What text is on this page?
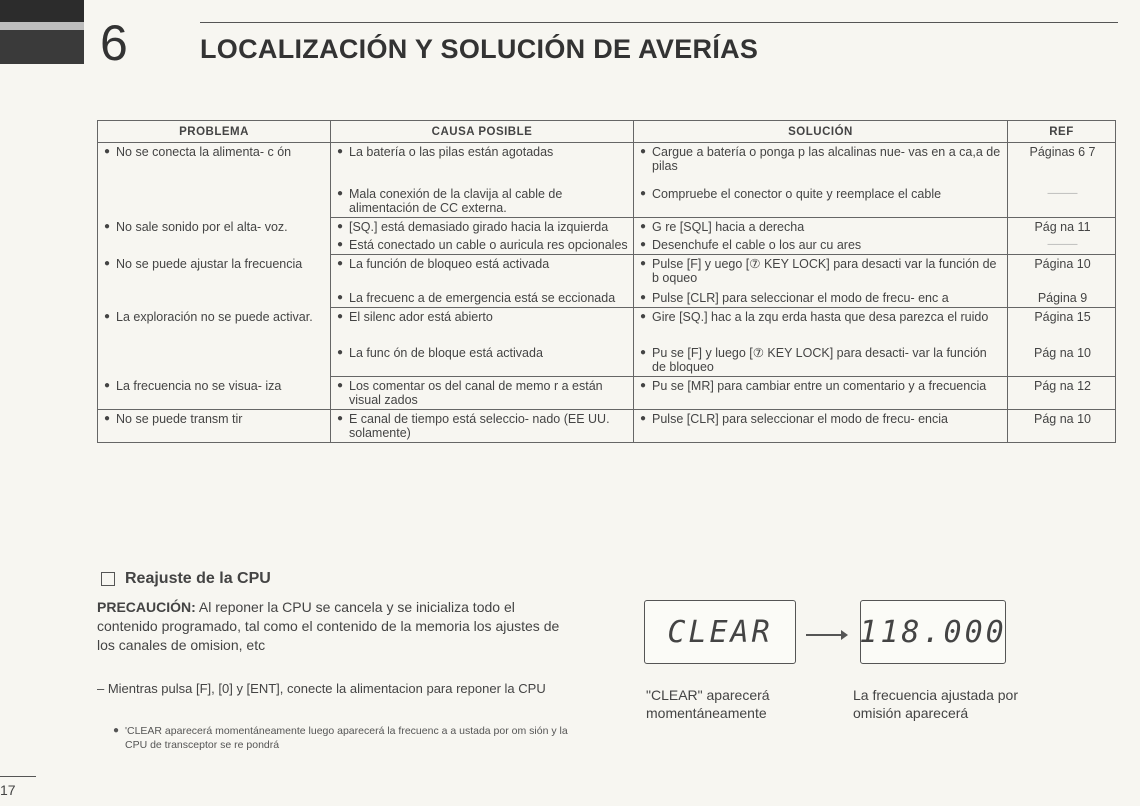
6	LOCALIZACIÓN Y SOLUCIÓN DE AVERÍAS
PROBLEMA	CAUSA POSIBLE	SOLUCIÓN	REF

● No se conecta la alimenta- c ón	● La batería o las pilas están agotadas	● Cargue a batería o ponga p las alcalinas nue- vas en a ca,a de pilas	Páginas 6 7

	● Mala conexión de la clavija al cable de alimentación de CC externa.	● Compruebe el conector o quite y reemplace el cable	———

● No sale sonido por el alta- voz.	● [SQ.] está demasiado girado hacia la izquierda	● G re [SQL] hacia a derecha	Pág na 11

	● Está conectado un cable o auricula res opcionales	● Desenchufe el cable o los aur cu ares	———

● No se puede ajustar la frecuencia	● La función de bloqueo está activada	● Pulse [F] y uego [⑦ KEY LOCK] para desacti var la función de b oqueo	Página 10

	● La frecuenc a de emergencia está se eccionada	● Pulse [CLR] para seleccionar el modo de frecu- enc a	Página 9

● La exploración no se puede activar.	● El silenc ador está abierto	● Gire [SQ.] hac a la zqu erda hasta que desa parezca el ruido	Página 15

	● La func ón de bloque está activada	● Pu se [F] y luego [⑦ KEY LOCK] para desacti- var la función de bloqueo	Pág na 10

● La frecuencia no se visua- iza	● Los comentar os del canal de memo r a están visual zados	● Pu se [MR] para cambiar entre un comentario y a frecuencia	Pág na 12

● No se puede transm tir	● E canal de tiempo está seleccio- nado (EE UU. solamente)	● Pulse [CLR] para seleccionar el modo de frecu- encia	Pág na 10
Reajuste de la CPU
PRECAUCIÓN: Al reponer la CPU se cancela y se inicializa todo el contenido programado, tal como el contenido de la memoria los ajustes de los canales de omision, etc
– Mientras pulsa [F], [0] y [ENT], conecte la alimentacion para reponer la CPU
● 'CLEAR aparecerá momentáneamente luego aparecerá la frecuenc a a ustada por om sión y la CPU de transceptor se re pondrá
CLEAR	118.000
"CLEAR" aparecerá momentáneamente
La frecuencia ajustada por omisión aparecerá
17
